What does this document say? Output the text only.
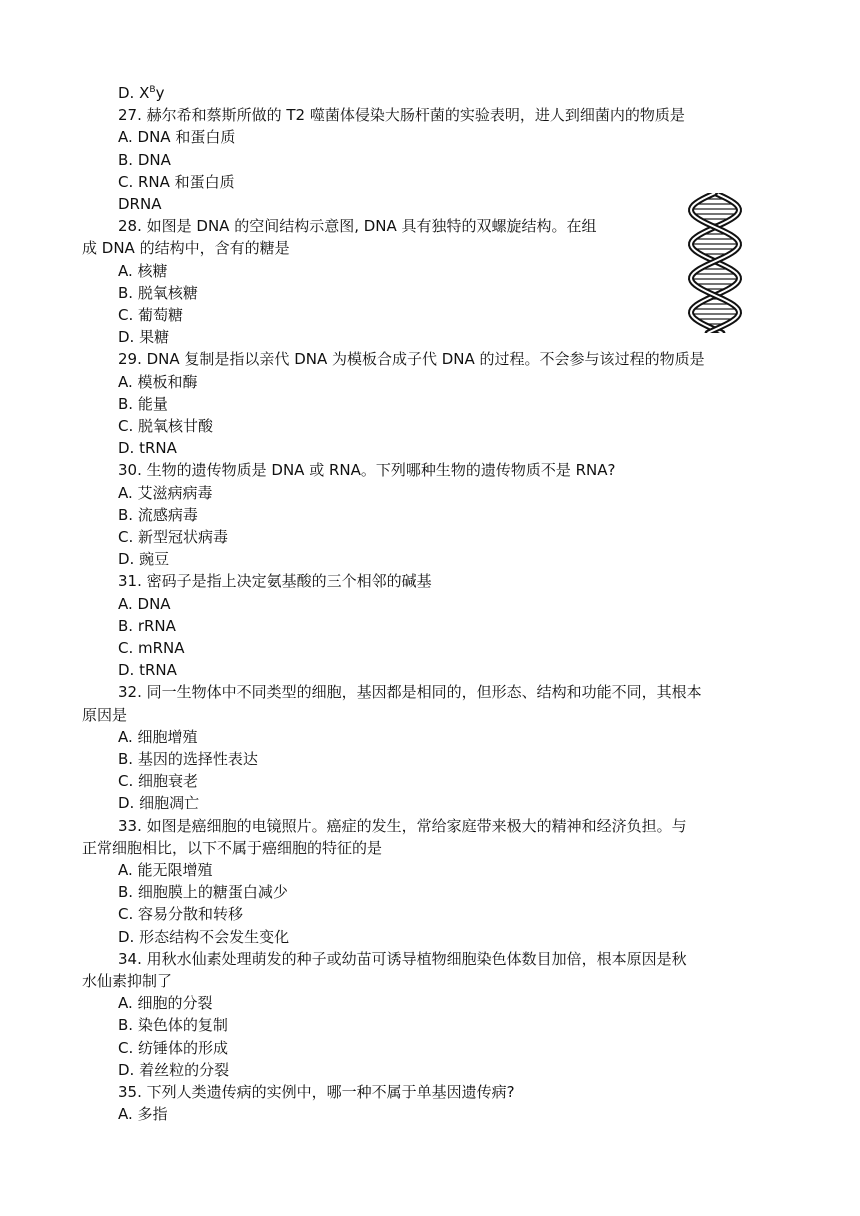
D. $X^By$
27. 赫尔希和蔡斯所做的 T2 噬菌体侵染大肠杆菌的实验表明，进人到细菌内的物质是
A. DNA 和蛋白质
B. DNA
C. RNA 和蛋白质
DRNA
28. 如图是 DNA 的空间结构示意图, DNA 具有独特的双螺旋结构。在组
成 DNA 的结构中，含有的糖是
A. 核糖
B. 脱氧核糖
C. 葡萄糖
D. 果糖
29. DNA 复制是指以亲代 DNA 为模板合成子代 DNA 的过程。不会参与该过程的物质是
A. 模板和酶
B. 能量
C. 脱氧核甘酸
D. tRNA
30. 生物的遗传物质是 DNA 或 RNA。下列哪种生物的遗传物质不是 RNA?
A. 艾滋病病毒
B. 流感病毒
C. 新型冠状病毒
D. 豌豆
31. 密码子是指上决定氨基酸的三个相邻的碱基
A. DNA
B. rRNA
C. mRNA
D. tRNA
32. 同一生物体中不同类型的细胞，基因都是相同的，但形态、结构和功能不同，其根本
原因是
A. 细胞增殖
B. 基因的选择性表达
C. 细胞衰老
D. 细胞凋亡
33. 如图是癌细胞的电镜照片。癌症的发生，常给家庭带来极大的精神和经济负担。与
正常细胞相比，以下不属于癌细胞的特征的是
A. 能无限增殖
B. 细胞膜上的糖蛋白减少
C. 容易分散和转移
D. 形态结构不会发生变化
34. 用秋水仙素处理萌发的种子或幼苗可诱导植物细胞染色体数目加倍，根本原因是秋
水仙素抑制了
A. 细胞的分裂
B. 染色体的复制
C. 纺锤体的形成
D. 着丝粒的分裂
35. 下列人类遗传病的实例中，哪一种不属于单基因遗传病?
A. 多指
